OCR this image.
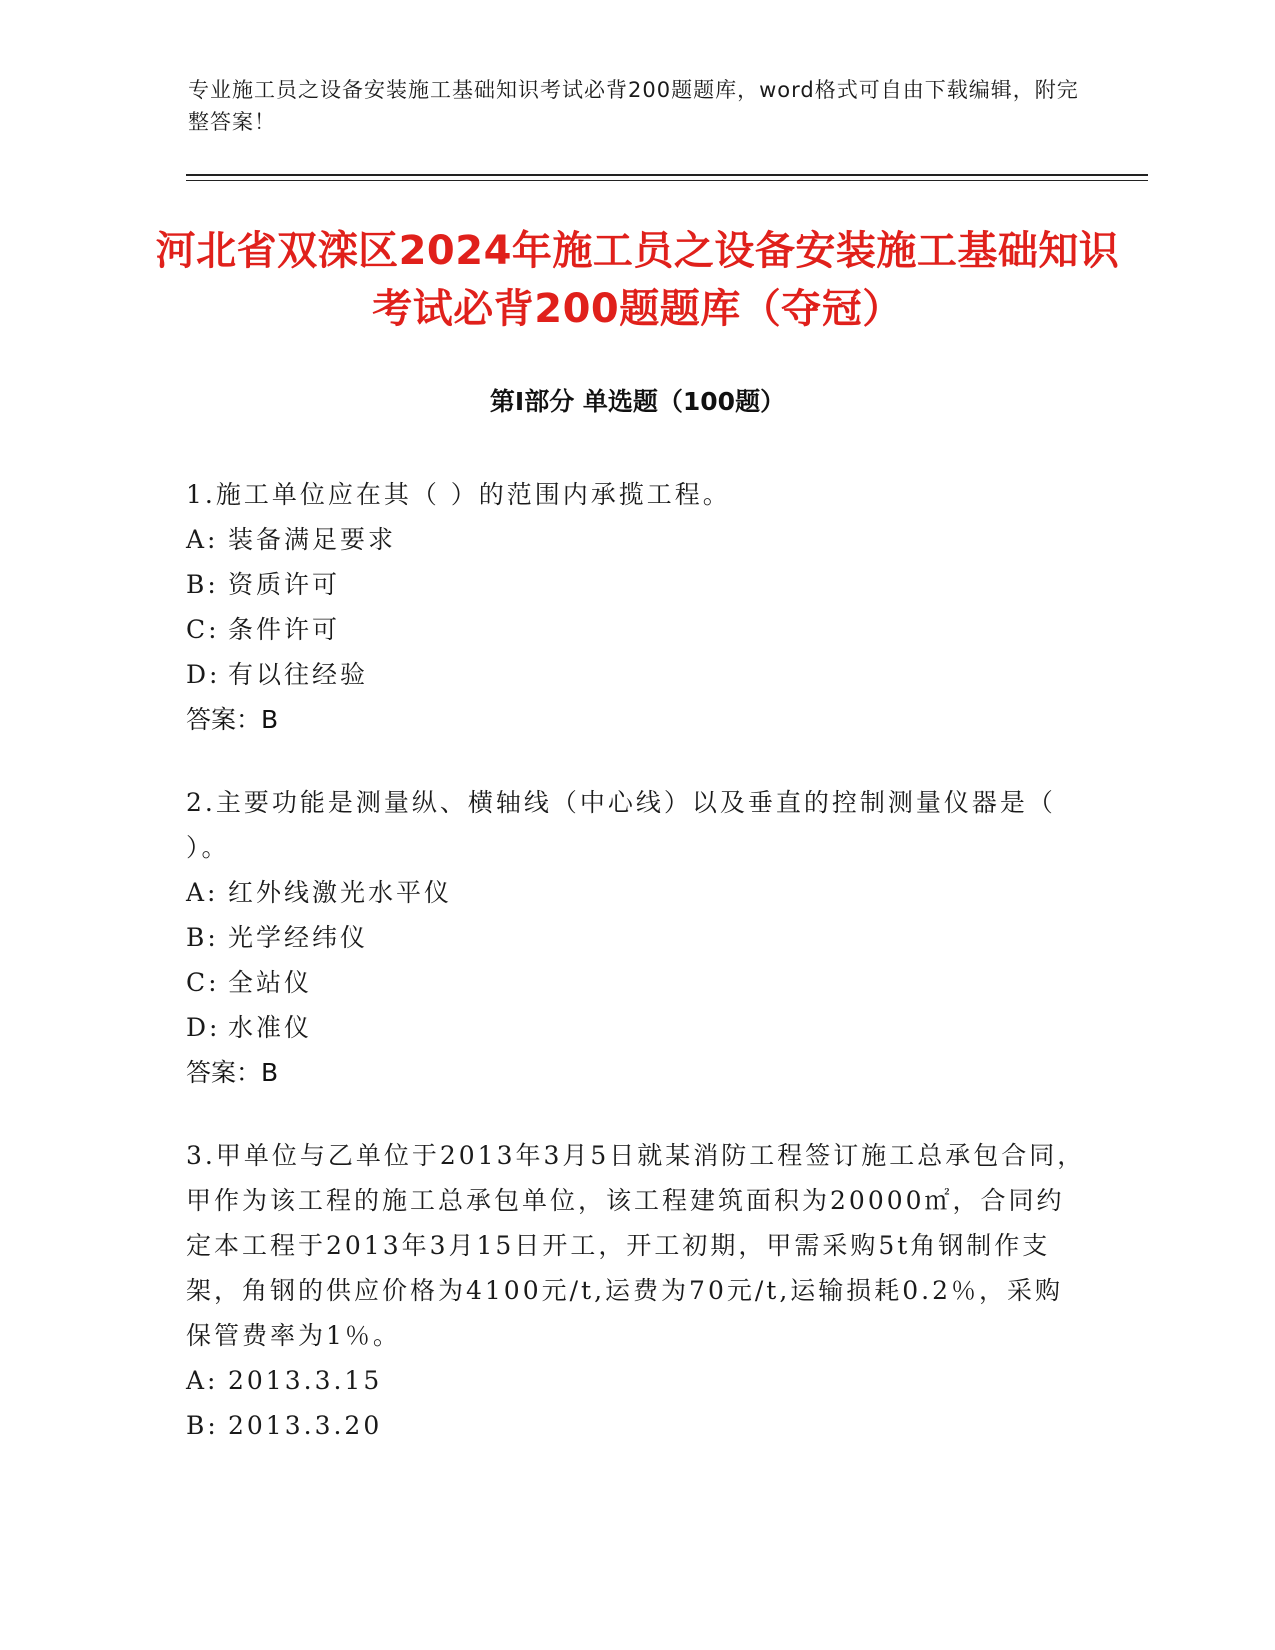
专业施工员之设备安装施工基础知识考试必背200题题库，word格式可自由下载编辑，附完整答案！
河北省双滦区2024年施工员之设备安装施工基础知识考试必背200题题库（夺冠）
第I部分 单选题（100题）

1.施工单位应在其（ ）的范围内承揽工程。

A: 装备满足要求

B: 资质许可

C: 条件许可

D: 有以往经验

答案：B

2.主要功能是测量纵、横轴线（中心线）以及垂直的控制测量仪器是（ ）。

A: 红外线激光水平仪

B: 光学经纬仪

C: 全站仪

D: 水准仪

答案：B

3.甲单位与乙单位于2013年3月5日就某消防工程签订施工总承包合同，甲作为该工程的施工总承包单位，该工程建筑面积为20000㎡，合同约定本工程于2013年3月15日开工，开工初期，甲需采购5t角钢制作支架，角钢的供应价格为4100元/t,运费为70元/t,运输损耗0.2％，采购保管费率为1％。

A: 2013.3.15

B: 2013.3.20
